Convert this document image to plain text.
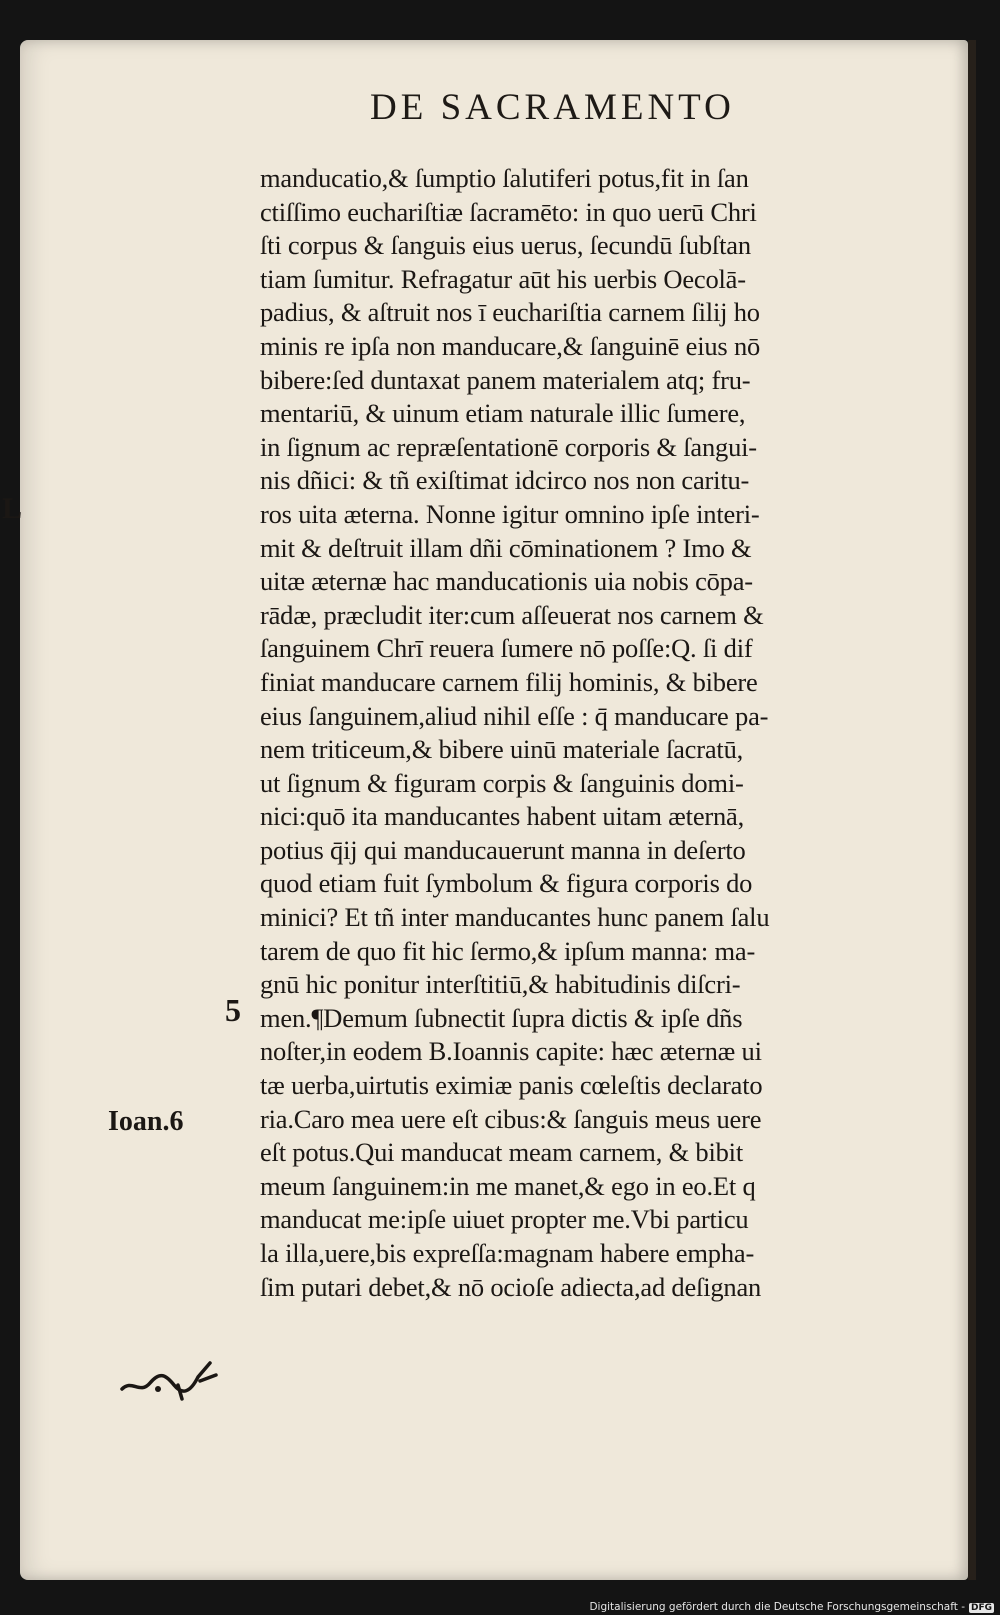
DE SACRAMENTO
manducatio,& ſumptio ſalutiferi potus,fit in ſan
ctiſſimo euchariſtiæ ſacramēto: in quo uerū Chri
ſti corpus & ſanguis eius uerus, ſecundū ſubſtan
tiam ſumitur. Refragatur aūt his uerbis Oecolā-
padius, & aſtruit nos ī euchariſtia carnem ſilij ho
minis re ipſa non manducare,& ſanguinē eius nō
bibere:ſed duntaxat panem materialem atq; fru-
mentariū, & uinum etiam naturale illic ſumere,
in ſignum ac repræſentationē corporis & ſangui-
nis dñici: & tñ exiſtimat idcirco nos non caritu-
ros uita æterna. Nonne igitur omnino ipſe interi-
mit & deſtruit illam dñi cōminationem ? Imo &
uitæ æternæ hac manducationis uia nobis cōpa-
rādæ, præcludit iter:cum aſſeuerat nos carnem &
ſanguinem Chrī reuera ſumere nō poſſe:Q. ſi dif
finiat manducare carnem filij hominis, & bibere
eius ſanguinem,aliud nihil eſſe : q̄ manducare pa-
nem triticeum,& bibere uinū materiale ſacratū,
ut ſignum & figuram corpis & ſanguinis domi-
nici:quō ita manducantes habent uitam æternā,
potius q̄ij qui manducauerunt manna in deſerto
quod etiam fuit ſymbolum & figura corporis do
minici? Et tñ inter manducantes hunc panem ſalu
tarem de quo fit hic ſermo,& ipſum manna: ma-
gnū hic ponitur interſtitiū,& habitudinis diſcri-
men.¶Demum ſubnectit ſupra dictis & ipſe dñs
noſter,in eodem B.Ioannis capite: hæc æternæ ui
tæ uerba,uirtutis eximiæ panis cœleſtis declarato
ria.Caro mea uere eſt cibus:& ſanguis meus uere
eſt potus.Qui manducat meam carnem, & bibit
meum ſanguinem:in me manet,& ego in eo.Et q
manducat me:ipſe uiuet propter me.Vbi particu
la illa,uere,bis expreſſa:magnam habere empha-
ſim putari debet,& nō ocioſe adiecta,ad deſignan
L
5
Ioan.6
Digitalisierung gefördert durch die Deutsche Forschungsgemeinschaft - DFG
